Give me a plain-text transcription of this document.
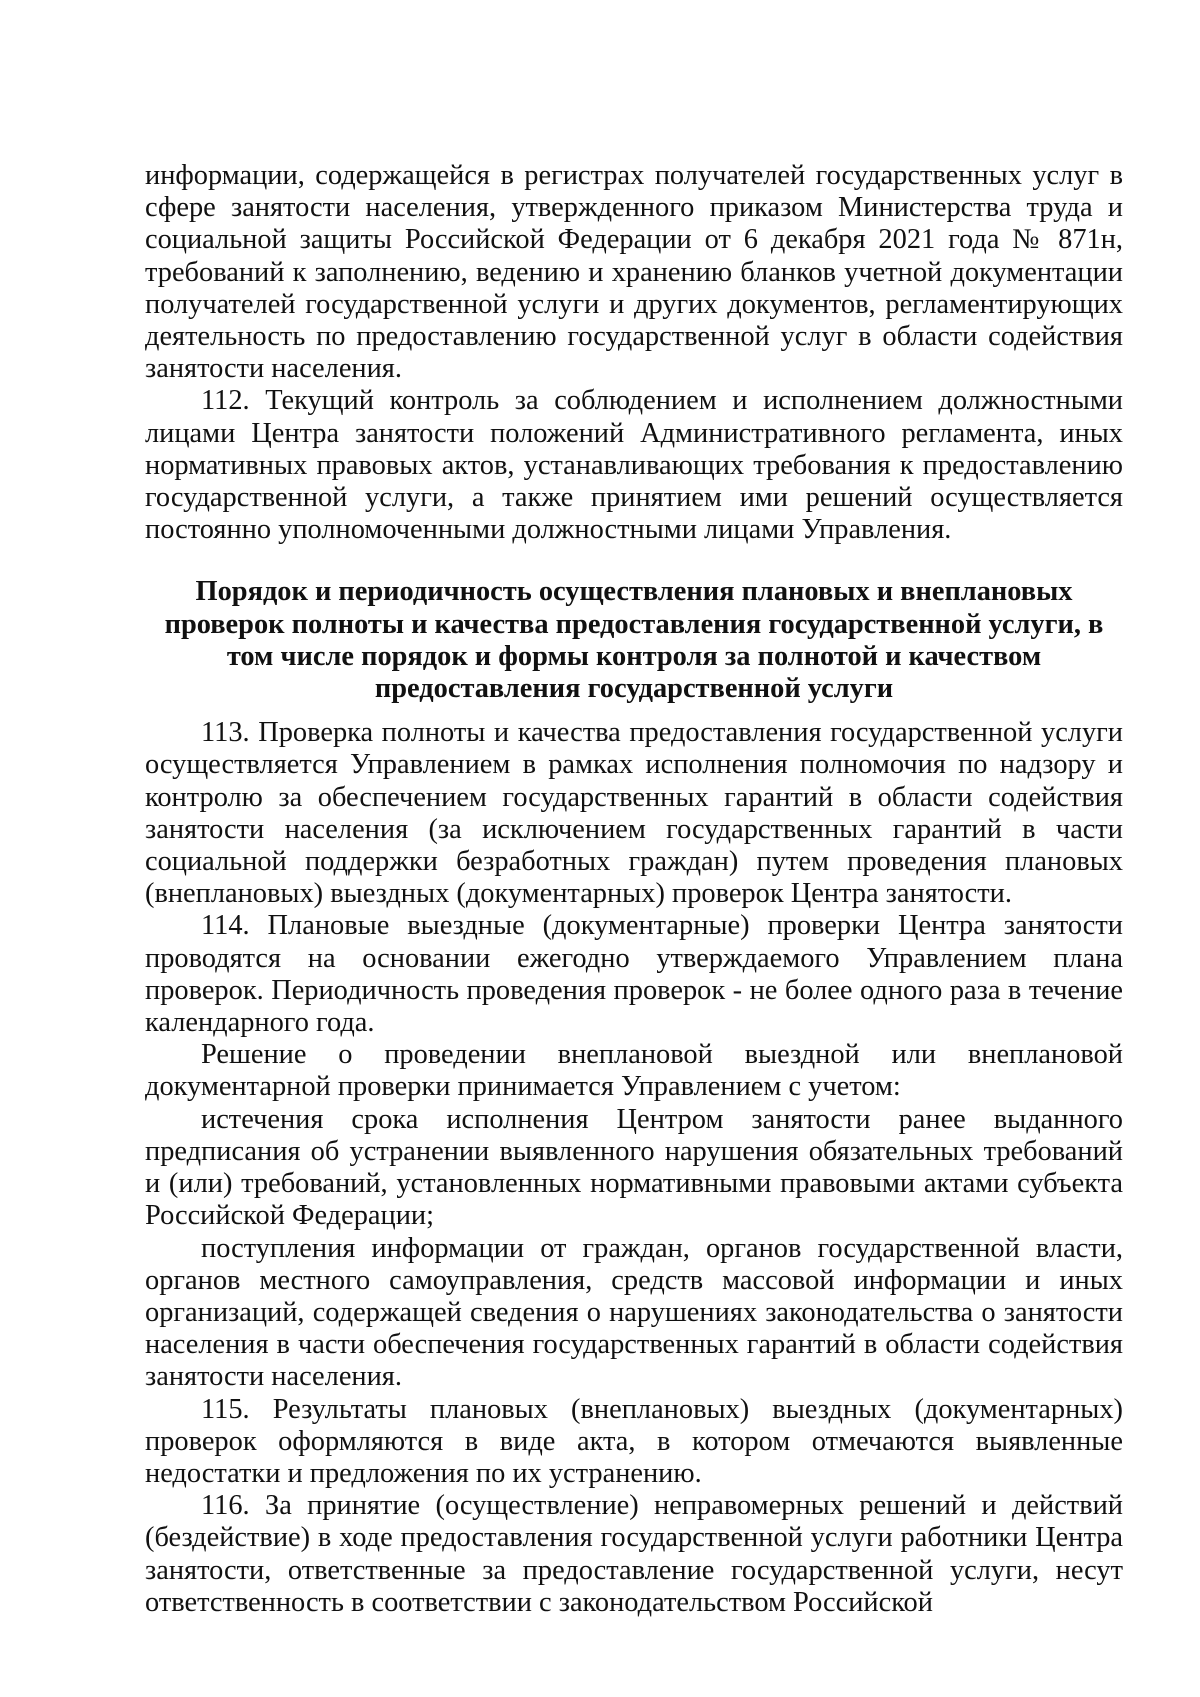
информации, содержащейся в регистрах получателей государственных услуг в сфере занятости населения, утвержденного приказом Министерства труда и социальной защиты Российской Федерации от 6 декабря 2021 года № 871н, требований к заполнению, ведению и хранению бланков учетной документации получателей государственной услуги и других документов, регламентирующих деятельность по предоставлению государственной услуг в области содействия занятости населения.

112. Текущий контроль за соблюдением и исполнением должностными лицами Центра занятости положений Административного регламента, иных нормативных правовых актов, устанавливающих требования к предоставлению государственной услуги, а также принятием ими решений осуществляется постоянно уполномоченными должностными лицами Управления.

Порядок и периодичность осуществления плановых и внеплановых проверок полноты и качества предоставления государственной услуги, в том числе порядок и формы контроля за полнотой и качеством предоставления государственной услуги

113. Проверка полноты и качества предоставления государственной услуги осуществляется Управлением в рамках исполнения полномочия по надзору и контролю за обеспечением государственных гарантий в области содействия занятости населения (за исключением государственных гарантий в части социальной поддержки безработных граждан) путем проведения плановых (внеплановых) выездных (документарных) проверок Центра занятости.

114. Плановые выездные (документарные) проверки Центра занятости проводятся на основании ежегодно утверждаемого Управлением плана проверок. Периодичность проведения проверок - не более одного раза в течение календарного года.

Решение о проведении внеплановой выездной или внеплановой документарной проверки принимается Управлением с учетом:

истечения срока исполнения Центром занятости ранее выданного предписания об устранении выявленного нарушения обязательных требований и (или) требований, установленных нормативными правовыми актами субъекта Российской Федерации;

поступления информации от граждан, органов государственной власти, органов местного самоуправления, средств массовой информации и иных организаций, содержащей сведения о нарушениях законодательства о занятости населения в части обеспечения государственных гарантий в области содействия занятости населения.

115. Результаты плановых (внеплановых) выездных (документарных) проверок оформляются в виде акта, в котором отмечаются выявленные недостатки и предложения по их устранению.

116. За принятие (осуществление) неправомерных решений и действий (бездействие) в ходе предоставления государственной услуги работники Центра занятости, ответственные за предоставление государственной услуги, несут ответственность в соответствии с законодательством Российской
